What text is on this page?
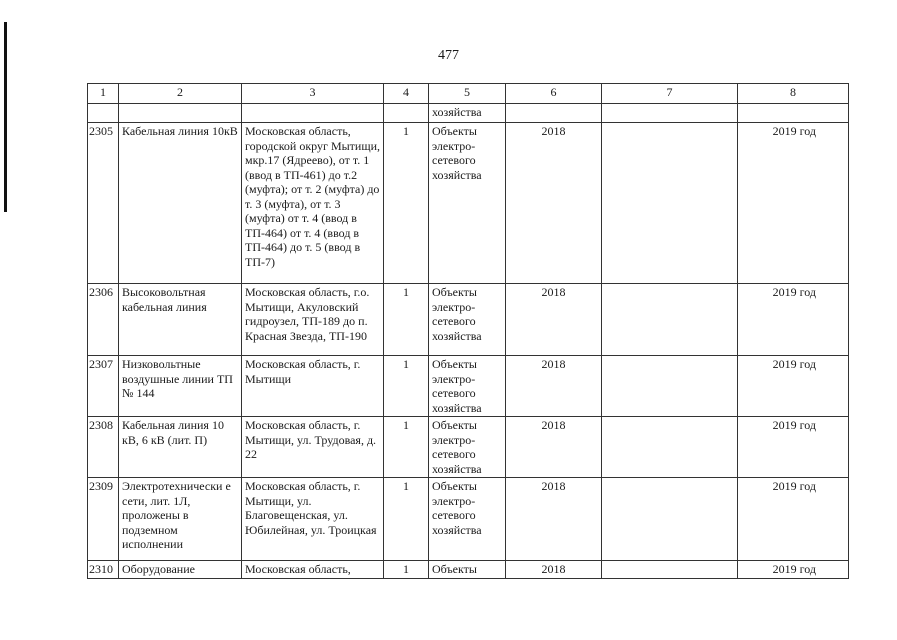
477
1	2	3	4	5	6	7	8
				хозяйства			
2305	Кабельная линия 10кВ	Московская область, городской округ Мытищи, мкр.17 (Ядреево), от т. 1 (ввод в ТП-461) до т.2 (муфта); от т. 2 (муфта) до т. 3 (муфта), от т. 3 (муфта) от т. 4 (ввод в ТП-464) от т. 4 (ввод в ТП-464) до т. 5 (ввод в ТП-7)	1	Объекты электро-сетевого хозяйства	2018		2019 год
2306	Высоковольтная кабельная линия	Московская область, г.о. Мытищи, Акуловский гидроузел, ТП-189 до п. Красная Звезда, ТП-190	1	Объекты электро-сетевого хозяйства	2018		2019 год
2307	Низковольтные воздушные линии ТП № 144	Московская область, г. Мытищи	1	Объекты электро-сетевого хозяйства	2018		2019 год
2308	Кабельная линия 10 кВ, 6 кВ (лит. П)	Московская область, г. Мытищи, ул. Трудовая, д. 22	1	Объекты электро-сетевого хозяйства	2018		2019 год
2309	Электротехнически е сети, лит. 1Л, проложены в подземном исполнении	Московская область, г. Мытищи, ул. Благовещенская, ул. Юбилейная, ул. Троицкая	1	Объекты электро-сетевого хозяйства	2018		2019 год
2310	Оборудование	Московская область,	1	Объекты	2018		2019 год
